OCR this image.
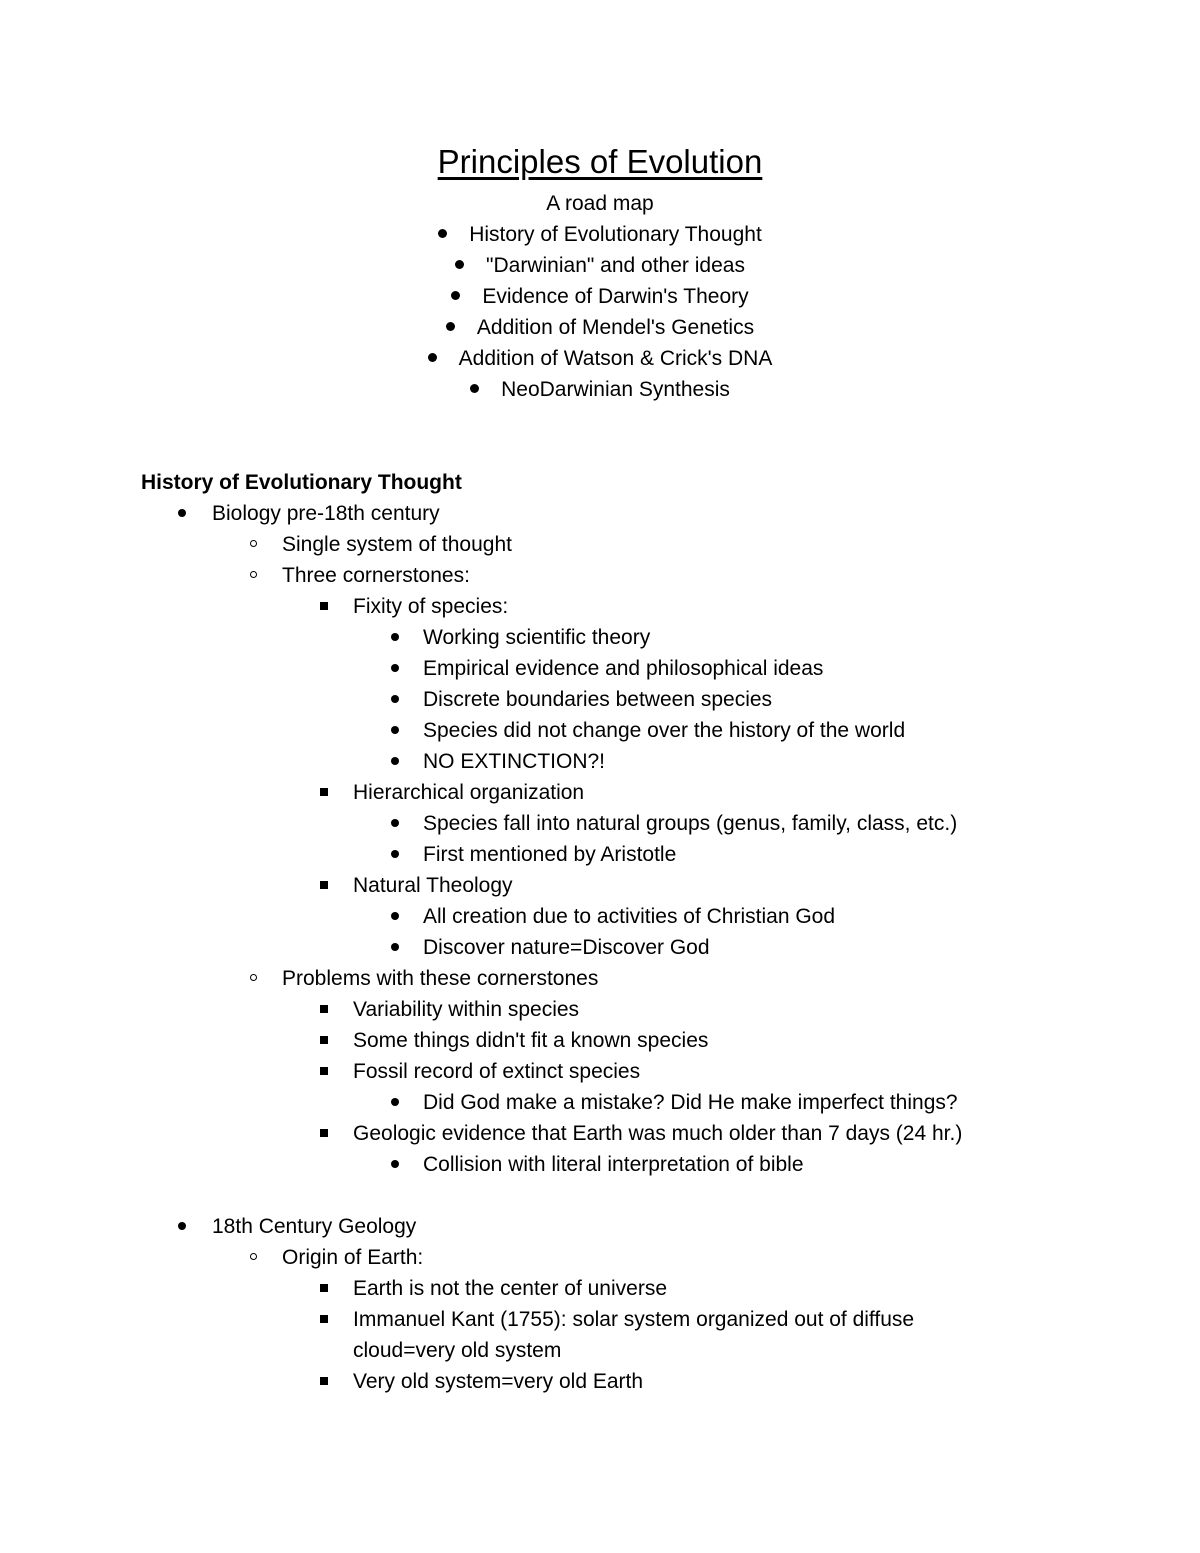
Principles of Evolution
A road map
History of Evolutionary Thought
"Darwinian" and other ideas
Evidence of Darwin's Theory
Addition of Mendel's Genetics
Addition of Watson & Crick's DNA
NeoDarwinian Synthesis
History of Evolutionary Thought
Biology pre-18th century
Single system of thought
Three cornerstones:
Fixity of species:
Working scientific theory
Empirical evidence and philosophical ideas
Discrete boundaries between species
Species did not change over the history of the world
NO EXTINCTION?!
Hierarchical organization
Species fall into natural groups (genus, family, class, etc.)
First mentioned by Aristotle
Natural Theology
All creation due to activities of Christian God
Discover nature=Discover God
Problems with these cornerstones
Variability within species
Some things didn't fit a known species
Fossil record of extinct species
Did God make a mistake? Did He make imperfect things?
Geologic evidence that Earth was much older than 7 days (24 hr.)
Collision with literal interpretation of bible
18th Century Geology
Origin of Earth:
Earth is not the center of universe
Immanuel Kant (1755): solar system organized out of diffuse cloud=very old system
Very old system=very old Earth
